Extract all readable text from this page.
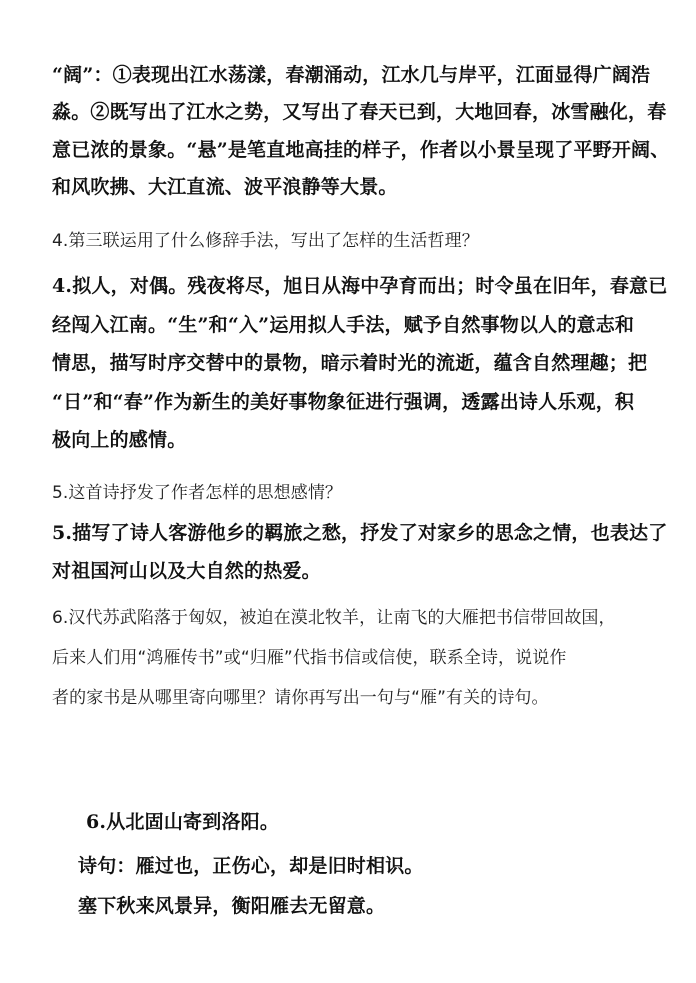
“阔”：①表现出江水荡漾，春潮涌动，江水几与岸平，江面显得广阔浩
淼。②既写出了江水之势，又写出了春天已到，大地回春，冰雪融化，春
意已浓的景象。“悬”是笔直地高挂的样子，作者以小景呈现了平野开阔、
和风吹拂、大江直流、波平浪静等大景。
4.第三联运用了什么修辞手法，写出了怎样的生活哲理？
4.拟人，对偶。残夜将尽，旭日从海中孕育而出；时令虽在旧年，春意已
经闯入江南。“生”和“入”运用拟人手法，赋予自然事物以人的意志和
情思，描写时序交替中的景物，暗示着时光的流逝，蕴含自然理趣；把
“日”和“春”作为新生的美好事物象征进行强调，透露出诗人乐观，积
极向上的感情。
5.这首诗抒发了作者怎样的思想感情？
5.描写了诗人客游他乡的羁旅之愁，抒发了对家乡的思念之情，也表达了
对祖国河山以及大自然的热爱。
6.汉代苏武陷落于匈奴，被迫在漠北牧羊，让南飞的大雁把书信带回故国，
后来人们用“鸿雁传书”或“归雁”代指书信或信使，联系全诗，说说作
者的家书是从哪里寄向哪里？请你再写出一句与“雁”有关的诗句。
6.从北固山寄到洛阳。
诗句：雁过也，正伤心，却是旧时相识。
塞下秋来风景异，衡阳雁去无留意。
